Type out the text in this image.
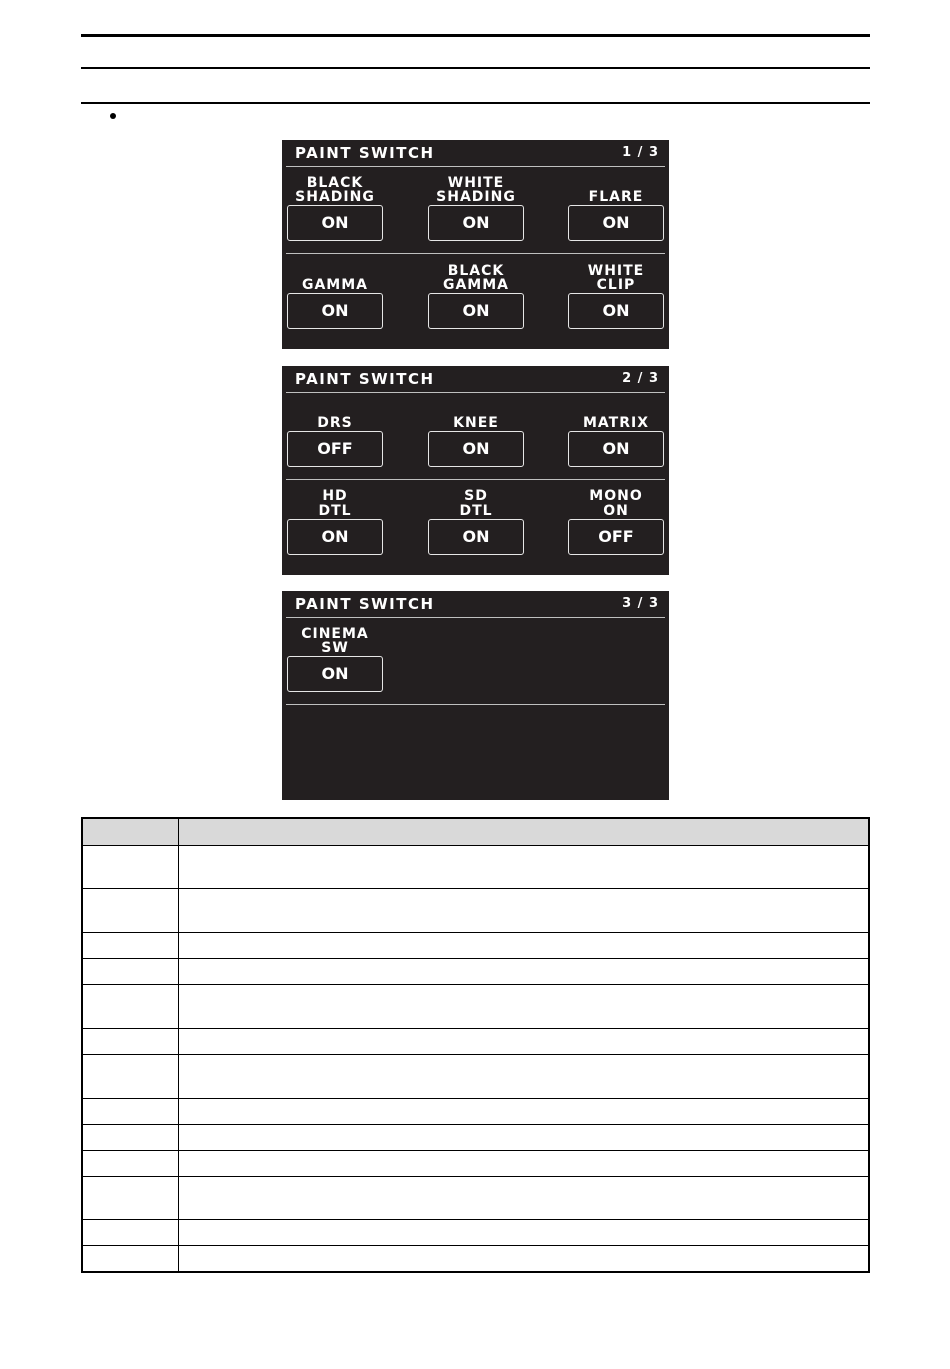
PAINT SWITCH	1 / 3
BLACK
SHADING
ON
WHITE
SHADING
ON
FLARE
ON
GAMMA
ON
BLACK
GAMMA
ON
WHITE
CLIP
ON
PAINT SWITCH	2 / 3
DRS
OFF
KNEE
ON
MATRIX
ON
HD
DTL
ON
SD
DTL
ON
MONO
ON
OFF
PAINT SWITCH	3 / 3
CINEMA
SW
ON
